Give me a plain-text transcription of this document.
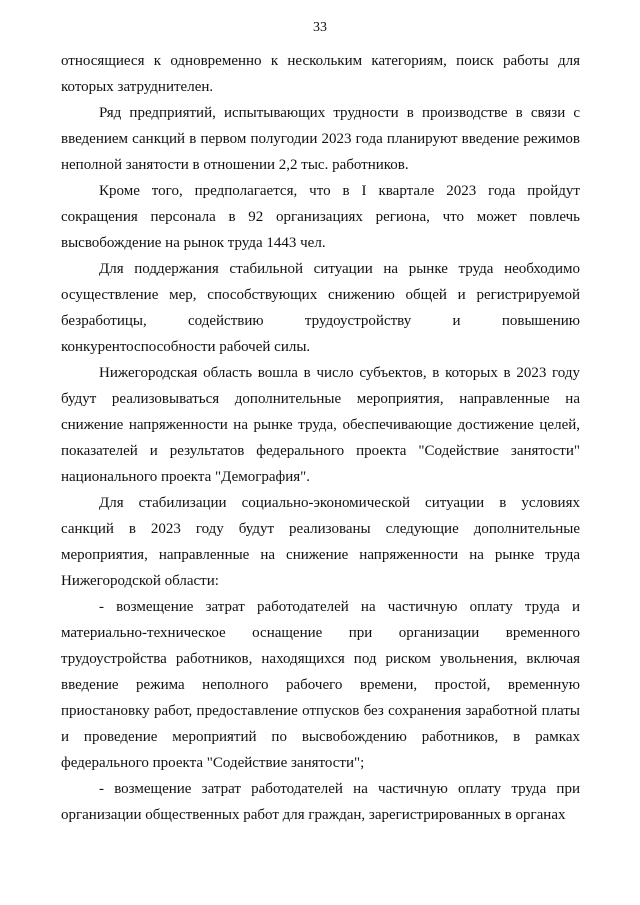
33

относящиеся к одновременно к нескольким категориям, поиск работы для которых затруднителен.

Ряд предприятий, испытывающих трудности в производстве в связи с введением санкций в первом полугодии 2023 года планируют введение режимов неполной занятости в отношении 2,2 тыс. работников.

Кроме того, предполагается, что в I квартале 2023 года пройдут сокращения персонала в 92 организациях региона, что может повлечь высвобождение на рынок труда 1443 чел.

Для поддержания стабильной ситуации на рынке труда необходимо осуществление мер, способствующих снижению общей и регистрируемой безработицы, содействию трудоустройству и повышению конкурентоспособности рабочей силы.

Нижегородская область вошла в число субъектов, в которых в 2023 году будут реализовываться дополнительные мероприятия, направленные на снижение напряженности на рынке труда, обеспечивающие достижение целей, показателей и результатов федерального проекта "Содействие занятости" национального проекта "Демография".

Для стабилизации социально-экономической ситуации в условиях санкций в 2023 году будут реализованы следующие дополнительные мероприятия, направленные на снижение напряженности на рынке труда Нижегородской области:

- возмещение затрат работодателей на частичную оплату труда и материально-техническое оснащение при организации временного трудоустройства работников, находящихся под риском увольнения, включая введение режима неполного рабочего времени, простой, временную приостановку работ, предоставление отпусков без сохранения заработной платы и проведение мероприятий по высвобождению работников, в рамках федерального проекта "Содействие занятости";

- возмещение затрат работодателей на частичную оплату труда при организации общественных работ для граждан, зарегистрированных в органах
